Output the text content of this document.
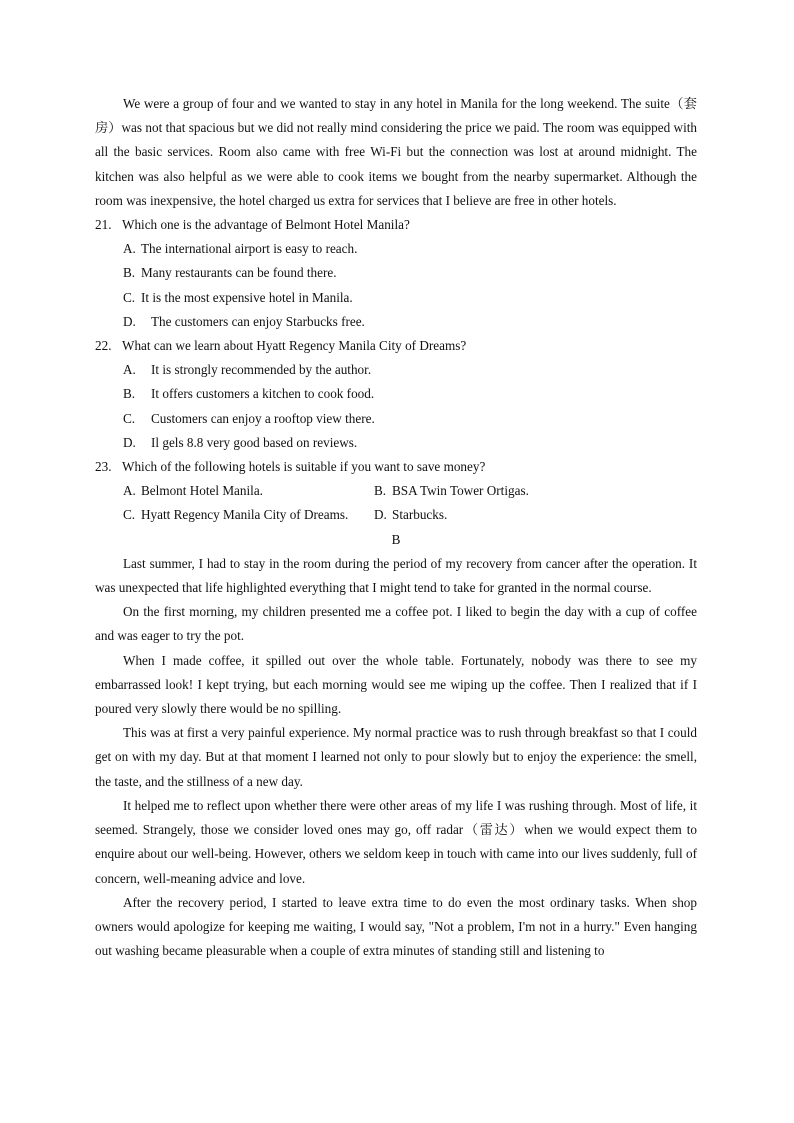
We were a group of four and we wanted to stay in any hotel in Manila for the long weekend. The suite（套房）was not that spacious but we did not really mind considering the price we paid. The room was equipped with all the basic services. Room also came with free Wi-Fi but the connection was lost at around midnight. The kitchen was also helpful as we were able to cook items we bought from the nearby supermarket. Although the room was inexpensive, the hotel charged us extra for services that I believe are free in other hotels.

21. Which one is the advantage of Belmont Hotel Manila?

A. The international airport is easy to reach.

B. Many restaurants can be found there.

C. It is the most expensive hotel in Manila.

D. The customers can enjoy Starbucks free.

22. What can we learn about Hyatt Regency Manila City of Dreams?

A. It is strongly recommended by the author.

B. It offers customers a kitchen to cook food.

C. Customers can enjoy a rooftop view there.

D. Il gels 8.8 very good based on reviews.

23. Which of the following hotels is suitable if you want to save money?

A. Belmont Hotel Manila.	B. BSA Twin Tower Ortigas.
C. Hyatt Regency Manila City of Dreams.	D. Starbucks.

B

Last summer, I had to stay in the room during the period of my recovery from cancer after the operation. It was unexpected that life highlighted everything that I might tend to take for granted in the normal course.

On the first morning, my children presented me a coffee pot. I liked to begin the day with a cup of coffee and was eager to try the pot.

When I made coffee, it spilled out over the whole table. Fortunately, nobody was there to see my embarrassed look! I kept trying, but each morning would see me wiping up the coffee. Then I realized that if I poured very slowly there would be no spilling.

This was at first a very painful experience. My normal practice was to rush through breakfast so that I could get on with my day. But at that moment I learned not only to pour slowly but to enjoy the experience: the smell, the taste, and the stillness of a new day.

It helped me to reflect upon whether there were other areas of my life I was rushing through. Most of life, it seemed. Strangely, those we consider loved ones may go, off radar（雷达）when we would expect them to enquire about our well-being. However, others we seldom keep in touch with came into our lives suddenly, full of concern, well-meaning advice and love.

After the recovery period, I started to leave extra time to do even the most ordinary tasks. When shop owners would apologize for keeping me waiting, I would say, "Not a problem, I'm not in a hurry." Even hanging out washing became pleasurable when a couple of extra minutes of standing still and listening to
